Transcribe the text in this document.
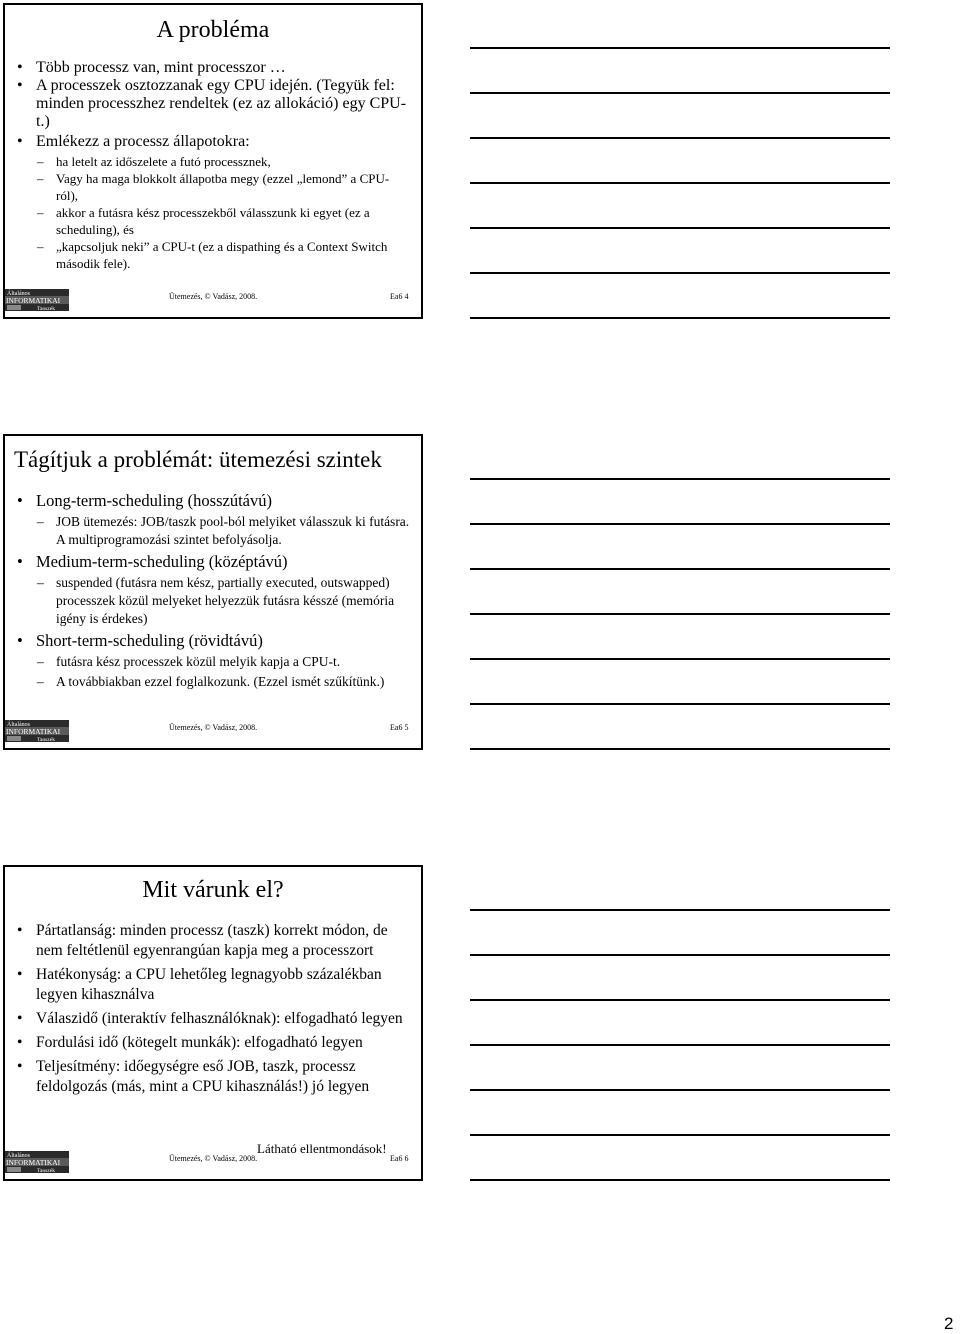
A probléma

• Több processz van, mint processzor …

• A processzek osztozzanak egy CPU idején. (Tegyük fel: minden processzhez rendeltek (ez az allokáció) egy CPU-t.)

• Emlékezz a processz állapotokra:

– ha letelt az időszelete a futó processznek,

– Vagy ha maga blokkolt állapotba megy (ezzel „lemond” a CPU-ról),

– akkor a futásra kész processzekből válasszunk ki egyet (ez a scheduling), és

– „kapcsoljuk neki” a CPU-t (ez a dispathing és a Context Switch második fele).

Általános
INFORMATIKAI
Tanszék
Ütemezés, © Vadász, 2008.	Ea6 4
Tágítjuk a problémát: ütemezési szintek

• Long-term-scheduling (hosszútávú)

– JOB ütemezés: JOB/taszk pool-ból melyiket válasszuk ki futásra. A multiprogramozási szintet befolyásolja.

• Medium-term-scheduling (középtávú)

– suspended (futásra nem kész, partially executed, outswapped) processzek közül melyeket helyezzük futásra késszé (memória igény is érdekes)

• Short-term-scheduling (rövidtávú)

– futásra kész processzek közül melyik kapja a CPU-t.

– A továbbiakban ezzel foglalkozunk. (Ezzel ismét szűkítünk.)

Általános
INFORMATIKAI
Tanszék
Ütemezés, © Vadász, 2008.	Ea6 5
Mit várunk el?

• Pártatlanság: minden processz (taszk) korrekt módon, de nem feltétlenül egyenrangúan kapja meg a processzort

• Hatékonyság: a CPU lehetőleg legnagyobb százalékban legyen kihasználva

• Válaszidő (interaktív felhasználóknak): elfogadható legyen

• Fordulási idő (kötegelt munkák): elfogadható legyen

• Teljesítmény: időegységre eső JOB, taszk, processz feldolgozás (más, mint a CPU kihasználás!) jó legyen

Látható ellentmondások!
Általános
INFORMATIKAI
Tanszék
Ütemezés, © Vadász, 2008.	Ea6 6
2
